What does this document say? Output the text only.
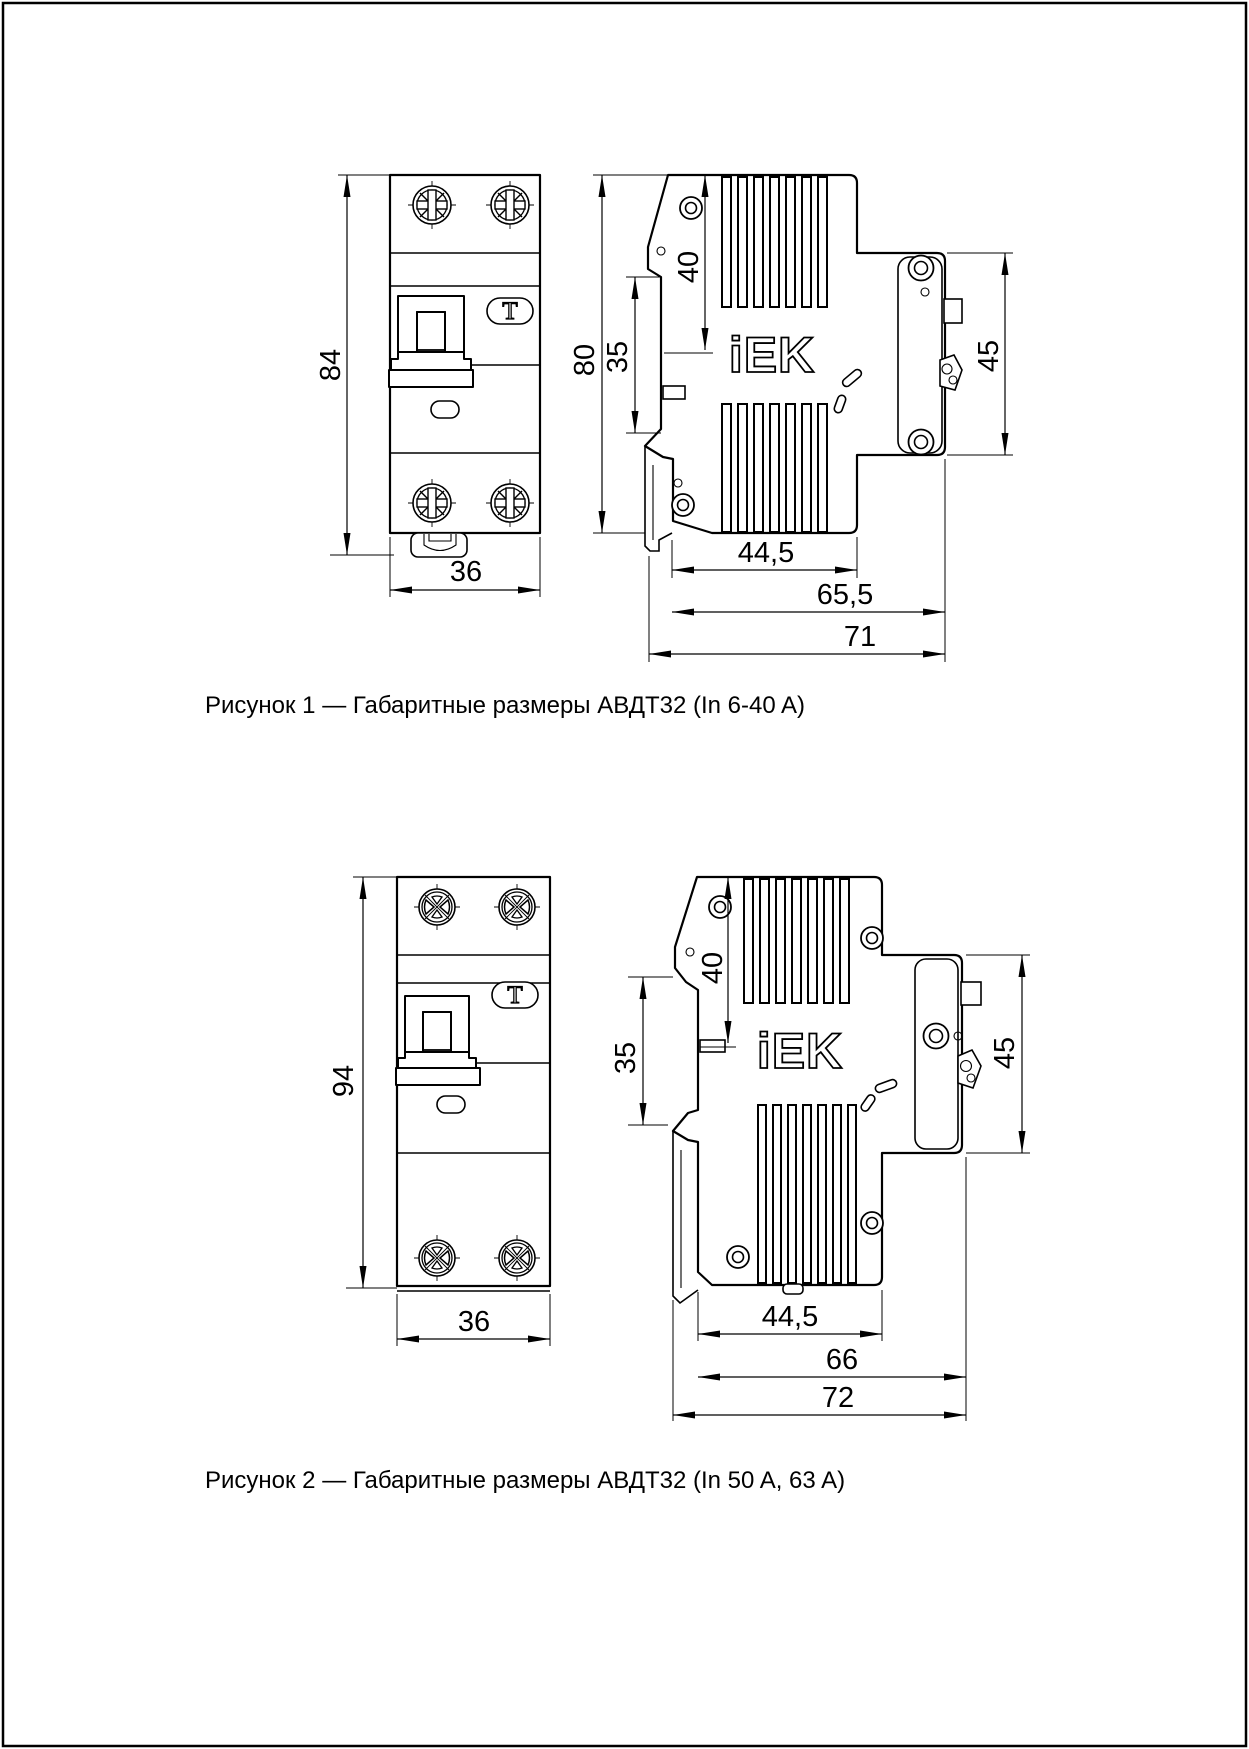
T
iEK
84
36
80 35
40
45
44,5
65,5
71
Рисунок 1 — Габаритные размеры АВДТ32 (In 6-40 A)
T
iEK
94
36
40
35	45
44,5
66
72
Рисунок 2 — Габаритные размеры АВДТ32 (In 50 A, 63 A)
